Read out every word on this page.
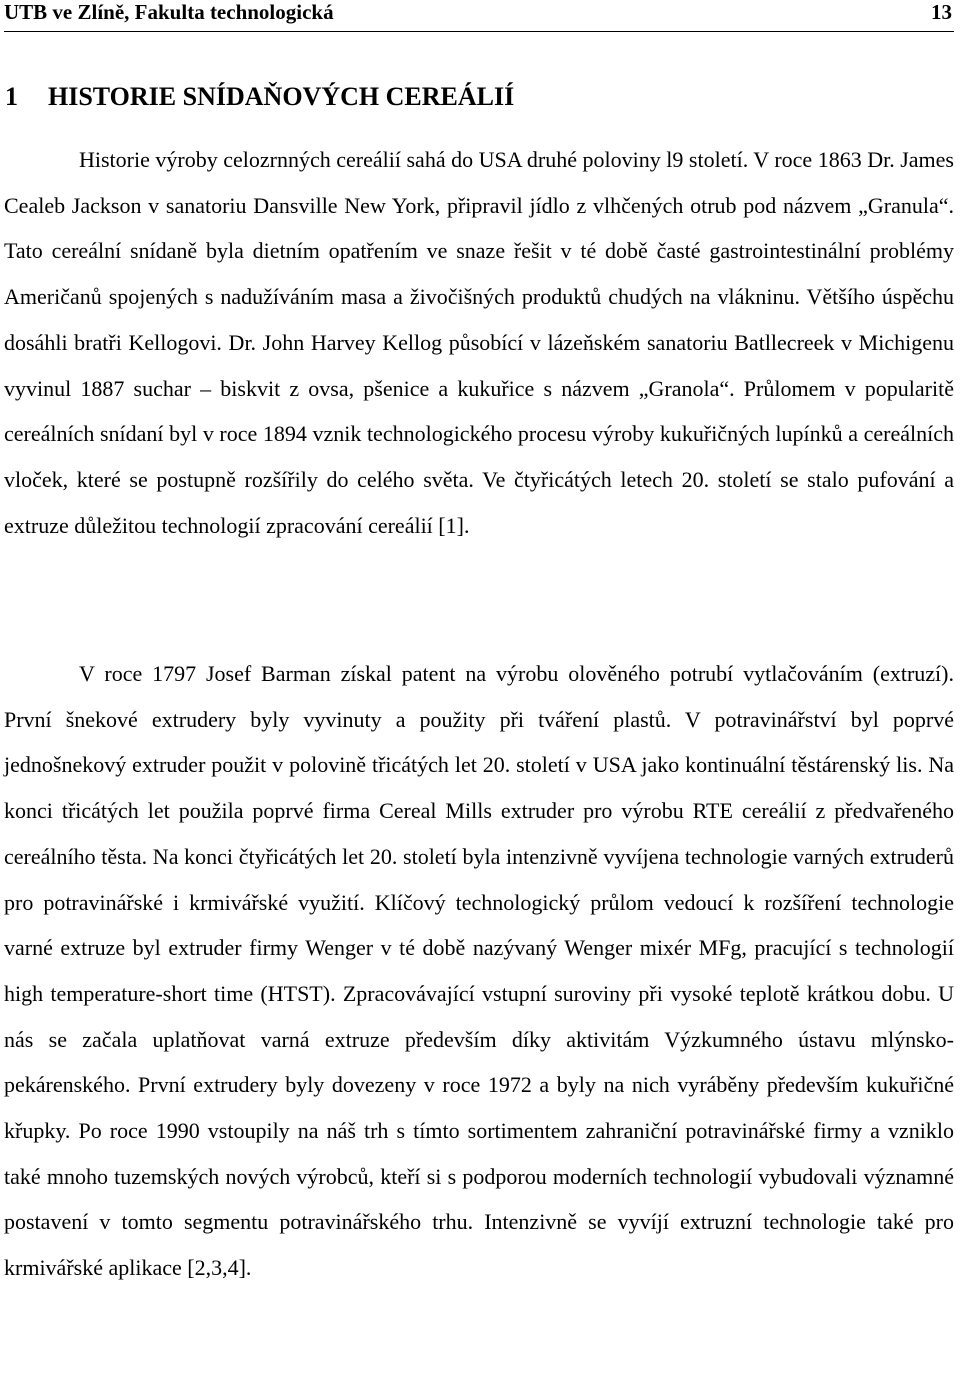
UTB ve Zlíně, Fakulta technologická	13
1 HISTORIE SNÍDAŇOVÝCH CEREÁLIÍ

Historie výroby celozrnných cereálií sahá do USA druhé poloviny l9 století. V roce 1863 Dr. James Cealeb Jackson v sanatoriu Dansville New York, připravil jídlo z vlhčených otrub pod názvem „Granula“. Tato cereální snídaně byla dietním opatřením ve snaze řešit v té době časté gastrointestinální problémy Američanů spojených s nadužíváním masa a živočišných produktů chudých na vlákninu. Většího úspěchu dosáhli bratři Kellogovi. Dr. John Harvey Kellog působící v lázeňském sanatoriu Batllecreek v Michigenu vyvinul 1887 suchar – biskvit z ovsa, pšenice a kukuřice s názvem „Granola“. Průlomem v popularitě cereálních snídaní byl v roce 1894 vznik technologického procesu výroby kukuřičných lupínků a cereálních vloček, které se postupně rozšířily do celého světa. Ve čtyřicátých letech 20. století se stalo pufování a extruze důležitou technologií zpracování cereálií [1].

V roce 1797 Josef Barman získal patent na výrobu olověného potrubí vytlačováním (extruzí). První šnekové extrudery byly vyvinuty a použity při tváření plastů. V potravinářství byl poprvé jednošnekový extruder použit v polovině třicátých let 20. století v USA jako kontinuální těstárenský lis. Na konci třicátých let použila poprvé firma Cereal Mills extruder pro výrobu RTE cereálií z předvařeného cereálního těsta. Na konci čtyřicátých let 20. století byla intenzivně vyvíjena technologie varných extruderů pro potravinářské i krmivářské využití. Klíčový technologický průlom vedoucí k rozšíření technologie varné extruze byl extruder firmy Wenger v té době nazývaný Wenger mixér MFg, pracující s technologií high temperature-short time (HTST). Zpracovávající vstupní suroviny při vysoké teplotě krátkou dobu. U nás se začala uplatňovat varná extruze především díky aktivitám Výzkumného ústavu mlýnsko-pekárenského. První extrudery byly dovezeny v roce 1972 a byly na nich vyráběny především kukuřičné křupky. Po roce 1990 vstoupily na náš trh s tímto sortimentem zahraniční potravinářské firmy a vzniklo také mnoho tuzemských nových výrobců, kteří si s podporou moderních technologií vybudovali významné postavení v tomto segmentu potravinářského trhu. Intenzivně se vyvíjí extruzní technologie také pro krmivářské aplikace [2,3,4].
